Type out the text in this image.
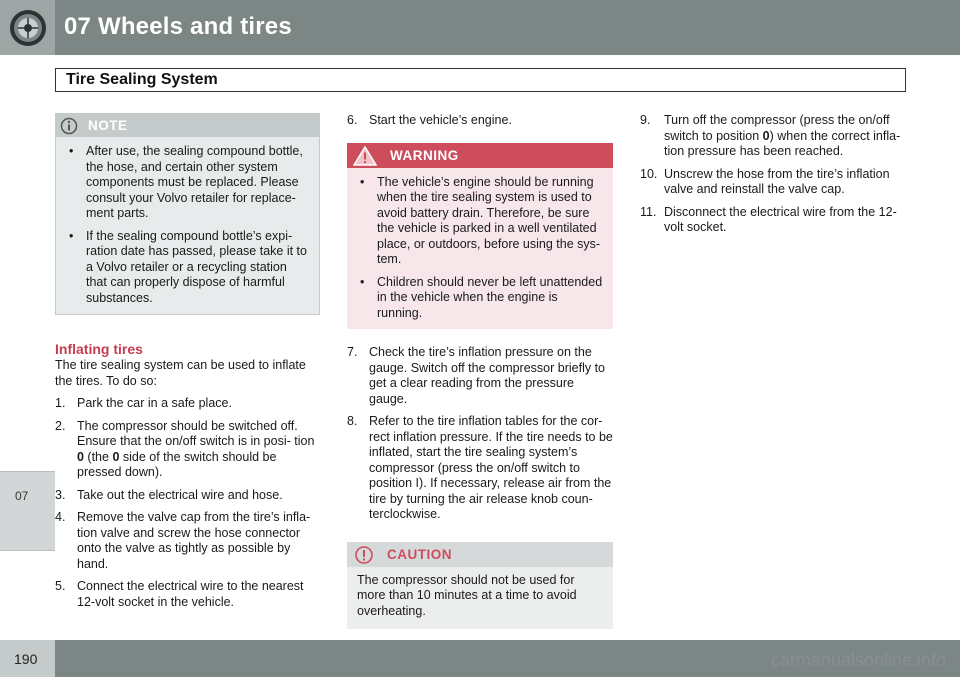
07 Wheels and tires
07
Tire Sealing System
NOTE
• After use, the sealing compound bottle, the hose, and certain other system components must be replaced. Please consult your Volvo retailer for replace- ment parts.
• If the sealing compound bottle’s expi- ration date has passed, please take it to a Volvo retailer or a recycling station that can properly dispose of harmful substances.
Inflating tires
The tire sealing system can be used to inflate the tires. To do so:
1. Park the car in a safe place.
2. The compressor should be switched off. Ensure that the on/off switch is in posi- tion 0 (the 0 side of the switch should be pressed down).
3. Take out the electrical wire and hose.
4. Remove the valve cap from the tire’s infla- tion valve and screw the hose connector onto the valve as tightly as possible by hand.
5. Connect the electrical wire to the nearest 12-volt socket in the vehicle.
6. Start the vehicle’s engine.
WARNING
• The vehicle’s engine should be running when the tire sealing system is used to avoid battery drain. Therefore, be sure the vehicle is parked in a well ventilated place, or outdoors, before using the sys- tem.
• Children should never be left unattended in the vehicle when the engine is running.
7. Check the tire’s inflation pressure on the gauge. Switch off the compressor briefly to get a clear reading from the pressure gauge.
8. Refer to the tire inflation tables for the cor- rect inflation pressure. If the tire needs to be inflated, start the tire sealing system’s compressor (press the on/off switch to position I). If necessary, release air from the tire by turning the air release knob coun- terclockwise.
CAUTION
The compressor should not be used for more than 10 minutes at a time to avoid overheating.
9. Turn off the compressor (press the on/off switch to position 0) when the correct infla- tion pressure has been reached.
10. Unscrew the hose from the tire’s inflation valve and reinstall the valve cap.
11. Disconnect the electrical wire from the 12-volt socket.
190	carmanualsonline.info
